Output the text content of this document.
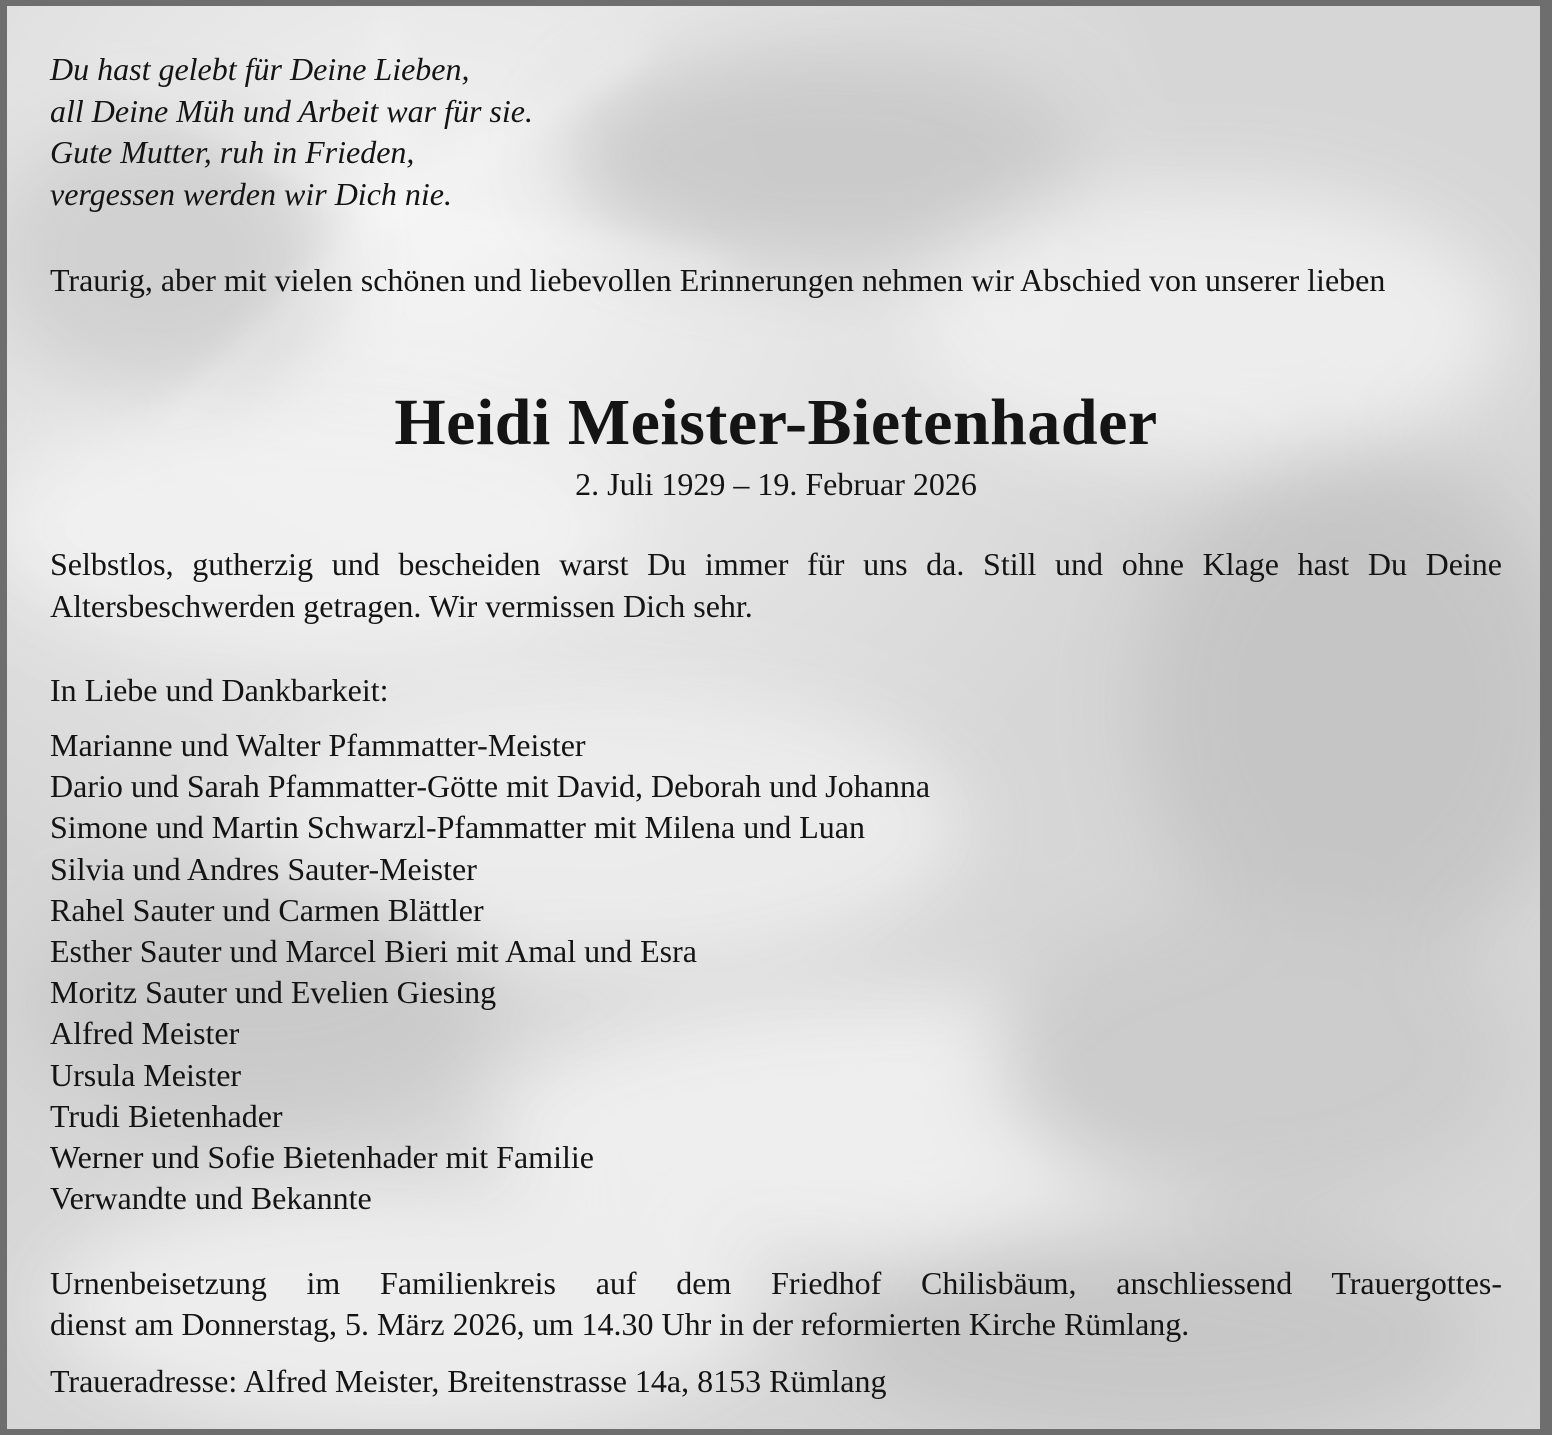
Du hast gelebt für Deine Lieben,
all Deine Müh und Arbeit war für sie.
Gute Mutter, ruh in Frieden,
vergessen werden wir Dich nie.
Traurig, aber mit vielen schönen und liebevollen Erinnerungen nehmen wir Abschied von unserer lieben
Heidi Meister-Bietenhader
2. Juli 1929 – 19. Februar 2026
Selbstlos, gutherzig und bescheiden warst Du immer für uns da. Still und ohne Klage hast Du Deine Altersbeschwerden getragen. Wir vermissen Dich sehr.
In Liebe und Dankbarkeit:
Marianne und Walter Pfammatter-Meister
Dario und Sarah Pfammatter-Götte mit David, Deborah und Johanna
Simone und Martin Schwarzl-Pfammatter mit Milena und Luan
Silvia und Andres Sauter-Meister
Rahel Sauter und Carmen Blättler
Esther Sauter und Marcel Bieri mit Amal und Esra
Moritz Sauter und Evelien Giesing
Alfred Meister
Ursula Meister
Trudi Bietenhader
Werner und Sofie Bietenhader mit Familie
Verwandte und Bekannte
Urnenbeisetzung im Familienkreis auf dem Friedhof Chilisbäum, anschliessend Trauergottes-
dienst am Donnerstag, 5. März 2026, um 14.30 Uhr in der reformierten Kirche Rümlang.
Traueradresse: Alfred Meister, Breitenstrasse 14a, 8153 Rümlang
